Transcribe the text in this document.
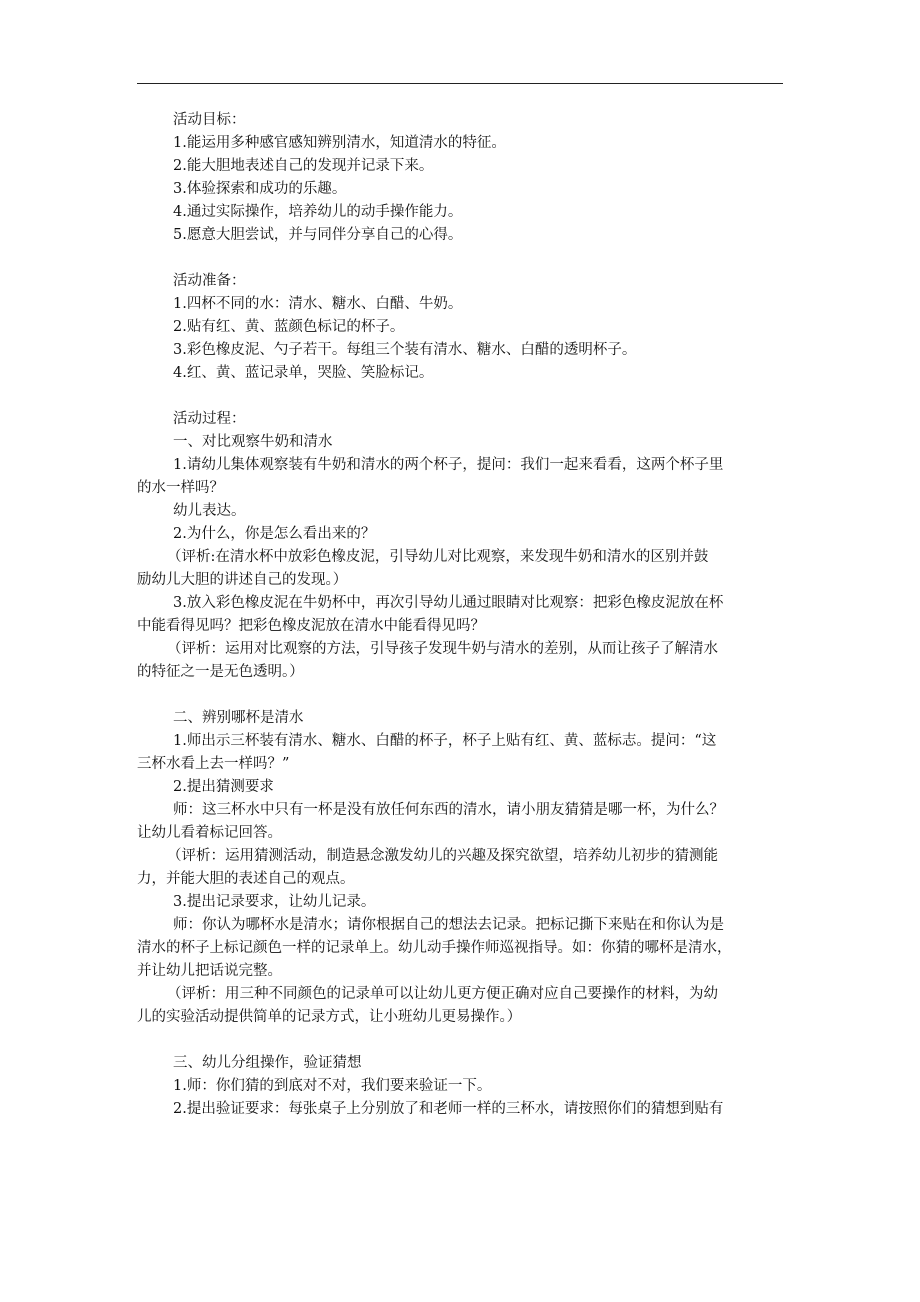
活动目标：
1.能运用多种感官感知辨别清水，知道清水的特征。
2.能大胆地表述自己的发现并记录下来。
3.体验探索和成功的乐趣。
4.通过实际操作，培养幼儿的动手操作能力。
5.愿意大胆尝试，并与同伴分享自己的心得。
活动准备：
1.四杯不同的水：清水、糖水、白醋、牛奶。
2.贴有红、黄、蓝颜色标记的杯子。
3.彩色橡皮泥、勺子若干。每组三个装有清水、糖水、白醋的透明杯子。
4.红、黄、蓝记录单，哭脸、笑脸标记。
活动过程：
一、对比观察牛奶和清水
1.请幼儿集体观察装有牛奶和清水的两个杯子，提问：我们一起来看看，这两个杯子里
的水一样吗？
幼儿表达。
2.为什么，你是怎么看出来的？
（评析:在清水杯中放彩色橡皮泥，引导幼儿对比观察，来发现牛奶和清水的区别并鼓
励幼儿大胆的讲述自己的发现。）
3.放入彩色橡皮泥在牛奶杯中，再次引导幼儿通过眼睛对比观察：把彩色橡皮泥放在杯
中能看得见吗？把彩色橡皮泥放在清水中能看得见吗？
（评析：运用对比观察的方法，引导孩子发现牛奶与清水的差别，从而让孩子了解清水
的特征之一是无色透明。）
二、辨别哪杯是清水
1.师出示三杯装有清水、糖水、白醋的杯子，杯子上贴有红、黄、蓝标志。提问：“这
三杯水看上去一样吗？”
2.提出猜测要求
师：这三杯水中只有一杯是没有放任何东西的清水，请小朋友猜猜是哪一杯，为什么？
让幼儿看着标记回答。
（评析：运用猜测活动，制造悬念激发幼儿的兴趣及探究欲望，培养幼儿初步的猜测能
力，并能大胆的表述自己的观点。
3.提出记录要求，让幼儿记录。
师：你认为哪杯水是清水；请你根据自己的想法去记录。把标记撕下来贴在和你认为是
清水的杯子上标记颜色一样的记录单上。幼儿动手操作师巡视指导。如：你猜的哪杯是清水，
并让幼儿把话说完整。
（评析：用三种不同颜色的记录单可以让幼儿更方便正确对应自己要操作的材料，为幼
儿的实验活动提供简单的记录方式，让小班幼儿更易操作。）
三、幼儿分组操作，验证猜想
1.师：你们猜的到底对不对，我们要来验证一下。
2.提出验证要求：每张桌子上分别放了和老师一样的三杯水，请按照你们的猜想到贴有
